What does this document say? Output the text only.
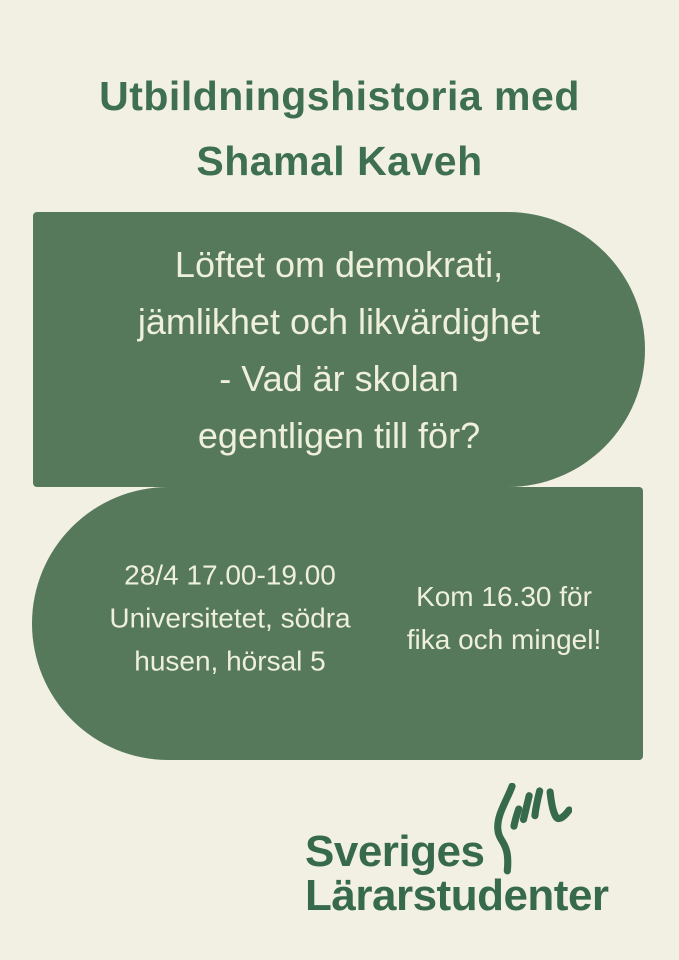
Utbildningshistoria med
Shamal Kaveh
Löftet om demokrati,
jämlikhet och likvärdighet
- Vad är skolan
egentligen till för?
28/4 17.00-19.00
Universitetet, södra
husen, hörsal 5
Kom 16.30 för
fika och mingel!
Sveriges
Lärarstudenter
